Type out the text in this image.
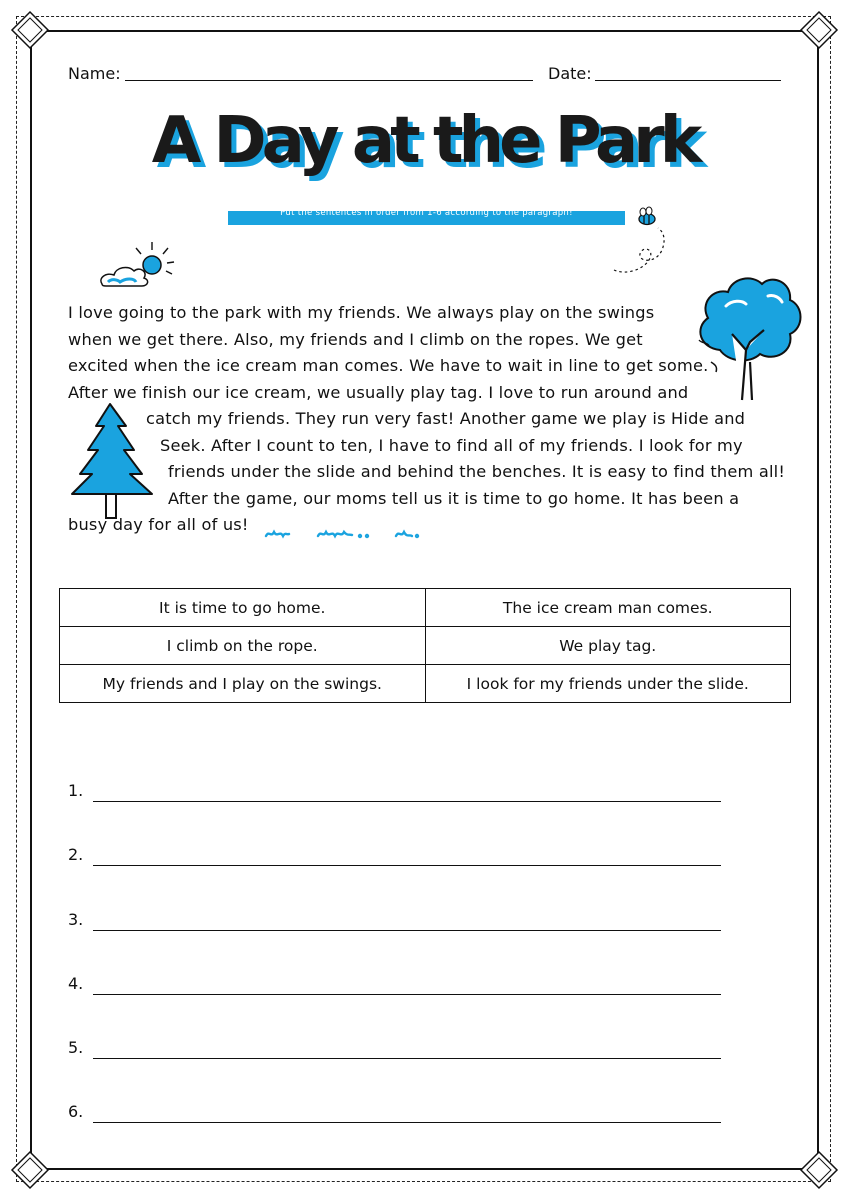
Name:	Date:
A Day at the Park
Put the sentences in order from 1-6 according to the paragraph!
I love going to the park with my friends. We always play on the swings
when we get there. Also, my friends and I climb on the ropes. We get
excited when the ice cream man comes. We have to wait in line to get some.
After we finish our ice cream, we usually play tag. I love to run around and
catch my friends. They run very fast! Another game we play is Hide and
Seek. After I count to ten, I have to find all of my friends. I look for my
friends under the slide and behind the benches. It is easy to find them all!
After the game, our moms tell us it is time to go home. It has been a
busy day for all of us!
It is time to go home.	The ice cream man comes.
I climb on the rope.	We play tag.
My friends and I play on the swings.	I look for my friends under the slide.
1.
2.
3.
4.
5.
6.
